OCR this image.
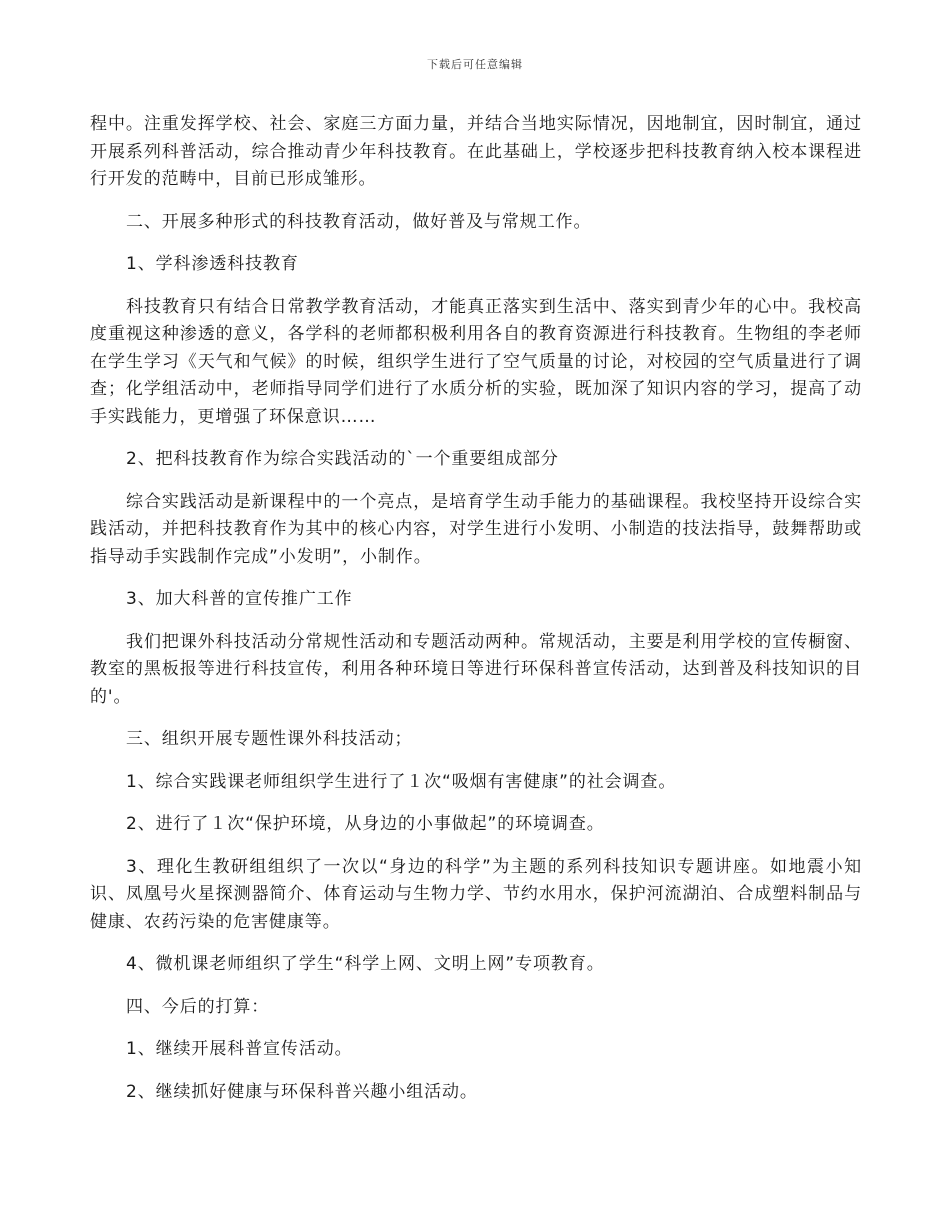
下载后可任意编辑

程中。注重发挥学校、社会、家庭三方面力量，并结合当地实际情况，因地制宜，因时制宜，通过开展系列科普活动，综合推动青少年科技教育。在此基础上，学校逐步把科技教育纳入校本课程进行开发的范畴中，目前已形成雏形。

二、开展多种形式的科技教育活动，做好普及与常规工作。

1、学科渗透科技教育

科技教育只有结合日常教学教育活动，才能真正落实到生活中、落实到青少年的心中。我校高度重视这种渗透的意义，各学科的老师都积极利用各自的教育资源进行科技教育。生物组的李老师在学生学习《天气和气候》的时候，组织学生进行了空气质量的讨论，对校园的空气质量进行了调查；化学组活动中，老师指导同学们进行了水质分析的实验，既加深了知识内容的学习，提高了动手实践能力，更增强了环保意识……

2、把科技教育作为综合实践活动的`一个重要组成部分

综合实践活动是新课程中的一个亮点，是培育学生动手能力的基础课程。我校坚持开设综合实践活动，并把科技教育作为其中的核心内容，对学生进行小发明、小制造的技法指导，鼓舞帮助或指导动手实践制作完成”小发明”，小制作。

3、加大科普的宣传推广工作

我们把课外科技活动分常规性活动和专题活动两种。常规活动，主要是利用学校的宣传橱窗、教室的黑板报等进行科技宣传，利用各种环境日等进行环保科普宣传活动，达到普及科技知识的目的'。

三、组织开展专题性课外科技活动；

1、综合实践课老师组织学生进行了１次“吸烟有害健康”的社会调查。

2、进行了１次“保护环境，从身边的小事做起”的环境调查。

3、理化生教研组组织了一次以“身边的科学”为主题的系列科技知识专题讲座。如地震小知识、凤凰号火星探测器简介、体育运动与生物力学、节约水用水，保护河流湖泊、合成塑料制品与健康、农药污染的危害健康等。

4、微机课老师组织了学生“科学上网、文明上网”专项教育。

四、今后的打算：

1、继续开展科普宣传活动。

2、继续抓好健康与环保科普兴趣小组活动。
